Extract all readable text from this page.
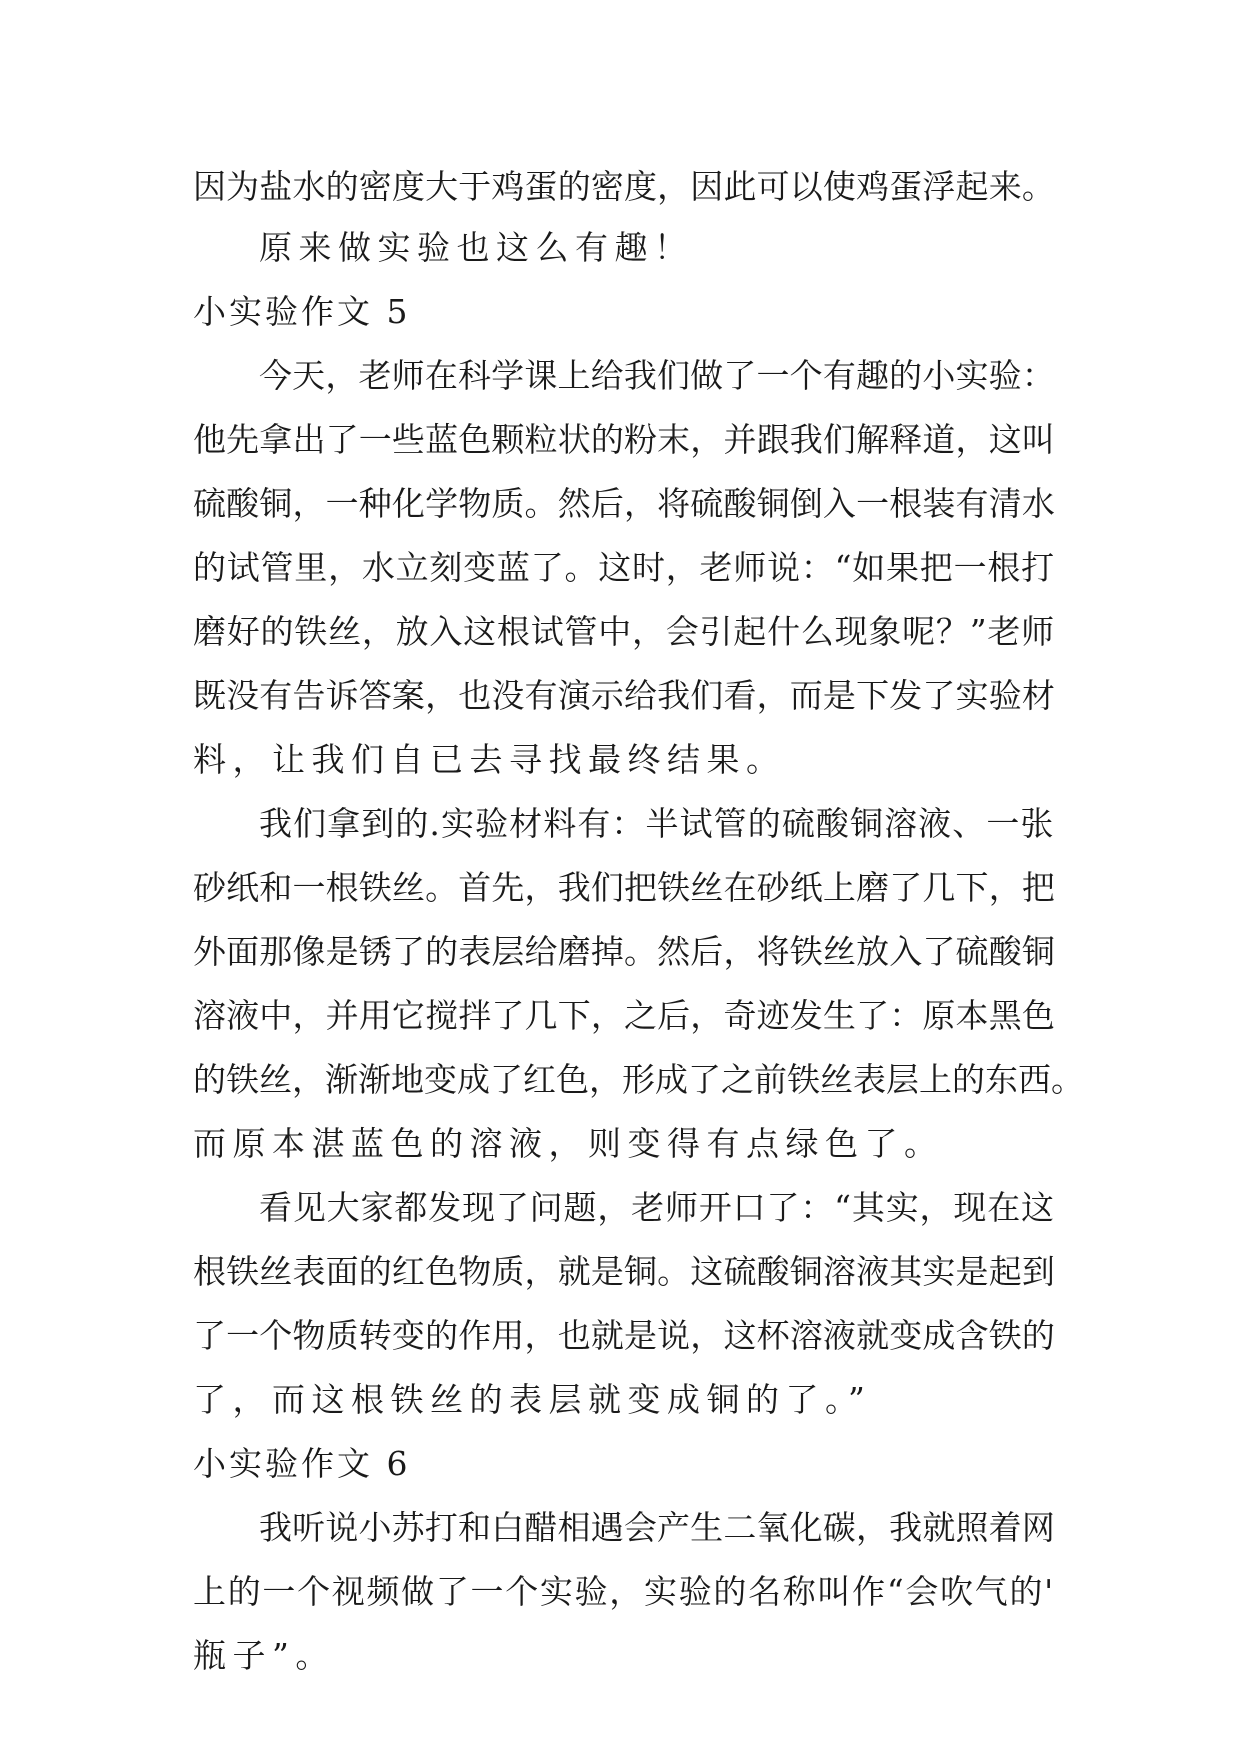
因为盐水的密度大于鸡蛋的密度，因此可以使鸡蛋浮起来。
原来做实验也这么有趣！
小实验作文 5
今天，老师在科学课上给我们做了一个有趣的小实验：
他先拿出了一些蓝色颗粒状的粉末，并跟我们解释道，这叫
硫酸铜，一种化学物质。然后，将硫酸铜倒入一根装有清水
的试管里，水立刻变蓝了。这时，老师说：“如果把一根打
磨好的铁丝，放入这根试管中，会引起什么现象呢？”老师
既没有告诉答案，也没有演示给我们看，而是下发了实验材
料，让我们自已去寻找最终结果。
我们拿到的.实验材料有：半试管的硫酸铜溶液、一张
砂纸和一根铁丝。首先，我们把铁丝在砂纸上磨了几下，把
外面那像是锈了的表层给磨掉。然后，将铁丝放入了硫酸铜
溶液中，并用它搅拌了几下，之后，奇迹发生了：原本黑色
的铁丝，渐渐地变成了红色，形成了之前铁丝表层上的东西。
而原本湛蓝色的溶液，则变得有点绿色了。
看见大家都发现了问题，老师开口了：“其实，现在这
根铁丝表面的红色物质，就是铜。这硫酸铜溶液其实是起到
了一个物质转变的作用，也就是说，这杯溶液就变成含铁的
了，而这根铁丝的表层就变成铜的了。”
小实验作文 6
我听说小苏打和白醋相遇会产生二氧化碳，我就照着网
上的一个视频做了一个实验，实验的名称叫作“会吹气的'
瓶子”。
